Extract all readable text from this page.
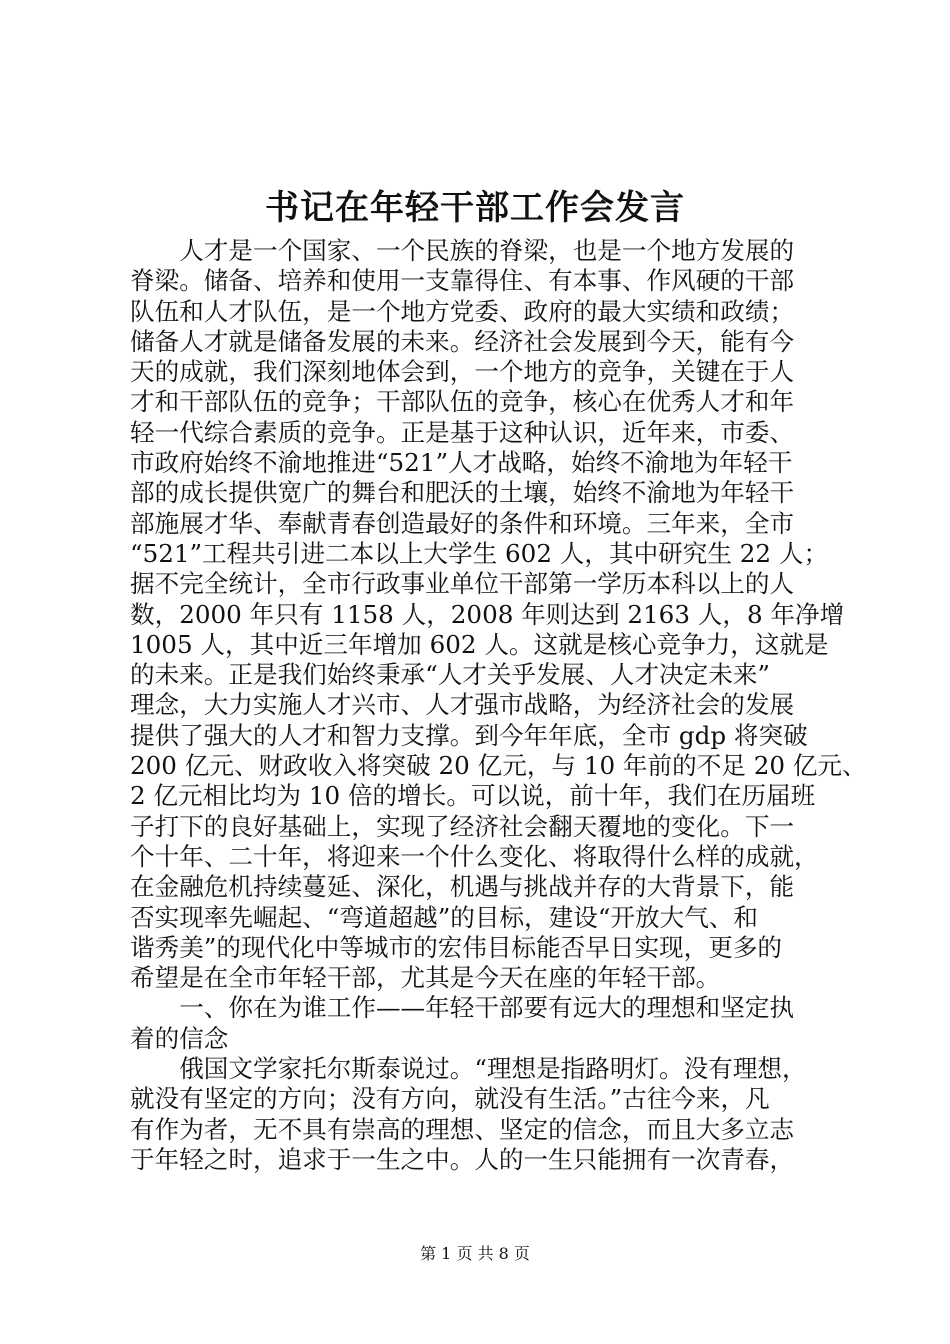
书记在年轻干部工作会发言
　　人才是一个国家、一个民族的脊梁，也是一个地方发展的
脊梁。储备、培养和使用一支靠得住、有本事、作风硬的干部
队伍和人才队伍，是一个地方党委、政府的最大实绩和政绩；
储备人才就是储备发展的未来。经济社会发展到今天，能有今
天的成就，我们深刻地体会到，一个地方的竞争，关键在于人
才和干部队伍的竞争；干部队伍的竞争，核心在优秀人才和年
轻一代综合素质的竞争。正是基于这种认识，近年来，市委、
市政府始终不渝地推进“521”人才战略，始终不渝地为年轻干
部的成长提供宽广的舞台和肥沃的土壤，始终不渝地为年轻干
部施展才华、奉献青春创造最好的条件和环境。三年来，全市
“521”工程共引进二本以上大学生 602 人，其中研究生 22 人；
据不完全统计，全市行政事业单位干部第一学历本科以上的人
数，2000 年只有 1158 人，2008 年则达到 2163 人，8 年净增
1005 人，其中近三年增加 602 人。这就是核心竞争力，这就是
的未来。正是我们始终秉承“人才关乎发展、人才决定未来”
理念，大力实施人才兴市、人才强市战略，为经济社会的发展
提供了强大的人才和智力支撑。到今年年底，全市 gdp 将突破
200 亿元、财政收入将突破 20 亿元，与 10 年前的不足 20 亿元、
2 亿元相比均为 10 倍的增长。可以说，前十年，我们在历届班
子打下的良好基础上，实现了经济社会翻天覆地的变化。下一
个十年、二十年，将迎来一个什么变化、将取得什么样的成就，
在金融危机持续蔓延、深化，机遇与挑战并存的大背景下，能
否实现率先崛起、“弯道超越”的目标，建设“开放大气、和
谐秀美”的现代化中等城市的宏伟目标能否早日实现，更多的
希望是在全市年轻干部，尤其是今天在座的年轻干部。
　　一、你在为谁工作——年轻干部要有远大的理想和坚定执
着的信念
　　俄国文学家托尔斯泰说过。“理想是指路明灯。没有理想，
就没有坚定的方向；没有方向，就没有生活。”古往今来，凡
有作为者，无不具有崇高的理想、坚定的信念，而且大多立志
于年轻之时，追求于一生之中。人的一生只能拥有一次青春，
第 1 页 共 8 页
